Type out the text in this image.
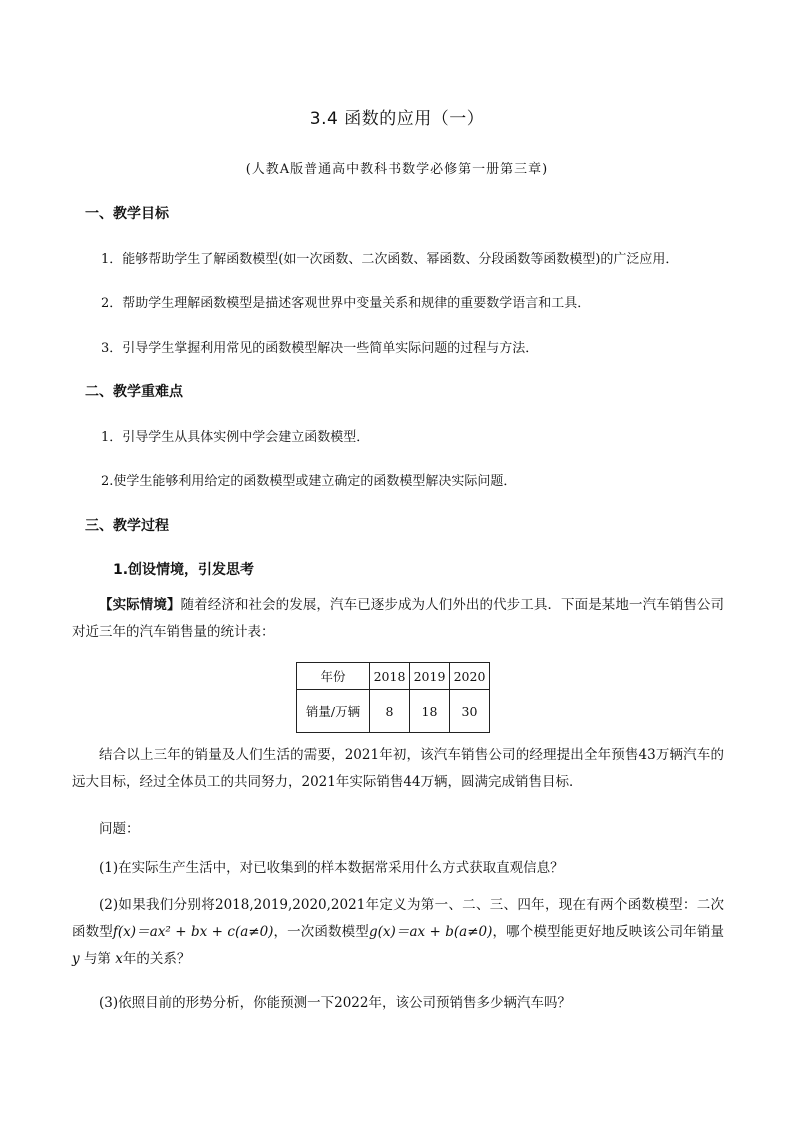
3.4 函数的应用（一）
(人教A版普通高中教科书数学必修第一册第三章)
一、教学目标
1．能够帮助学生了解函数模型(如一次函数、二次函数、幂函数、分段函数等函数模型)的广泛应用．
2．帮助学生理解函数模型是描述客观世界中变量关系和规律的重要数学语言和工具．
3．引导学生掌握利用常见的函数模型解决一些简单实际问题的过程与方法．
二、教学重难点
1．引导学生从具体实例中学会建立函数模型．
2.使学生能够利用给定的函数模型或建立确定的函数模型解决实际问题．
三、教学过程
1.创设情境，引发思考
【实际情境】随着经济和社会的发展，汽车已逐步成为人们外出的代步工具．下面是某地一汽车销售公司对近三年的汽车销售量的统计表：
年份	2018	2019	2020
销量/万辆	8	18	30
结合以上三年的销量及人们生活的需要，2021年初，该汽车销售公司的经理提出全年预售43万辆汽车的远大目标，经过全体员工的共同努力，2021年实际销售44万辆，圆满完成销售目标．
问题：
(1)在实际生产生活中，对已收集到的样本数据常采用什么方式获取直观信息？
(2)如果我们分别将2018,2019,2020,2021年定义为第一、二、三、四年，现在有两个函数模型：二次函数型f(x)＝ax² + bx + c(a≠0)，一次函数模型g(x)＝ax + b(a≠0)，哪个模型能更好地反映该公司年销量 y 与第 x年的关系？
(3)依照目前的形势分析，你能预测一下2022年，该公司预销售多少辆汽车吗？
